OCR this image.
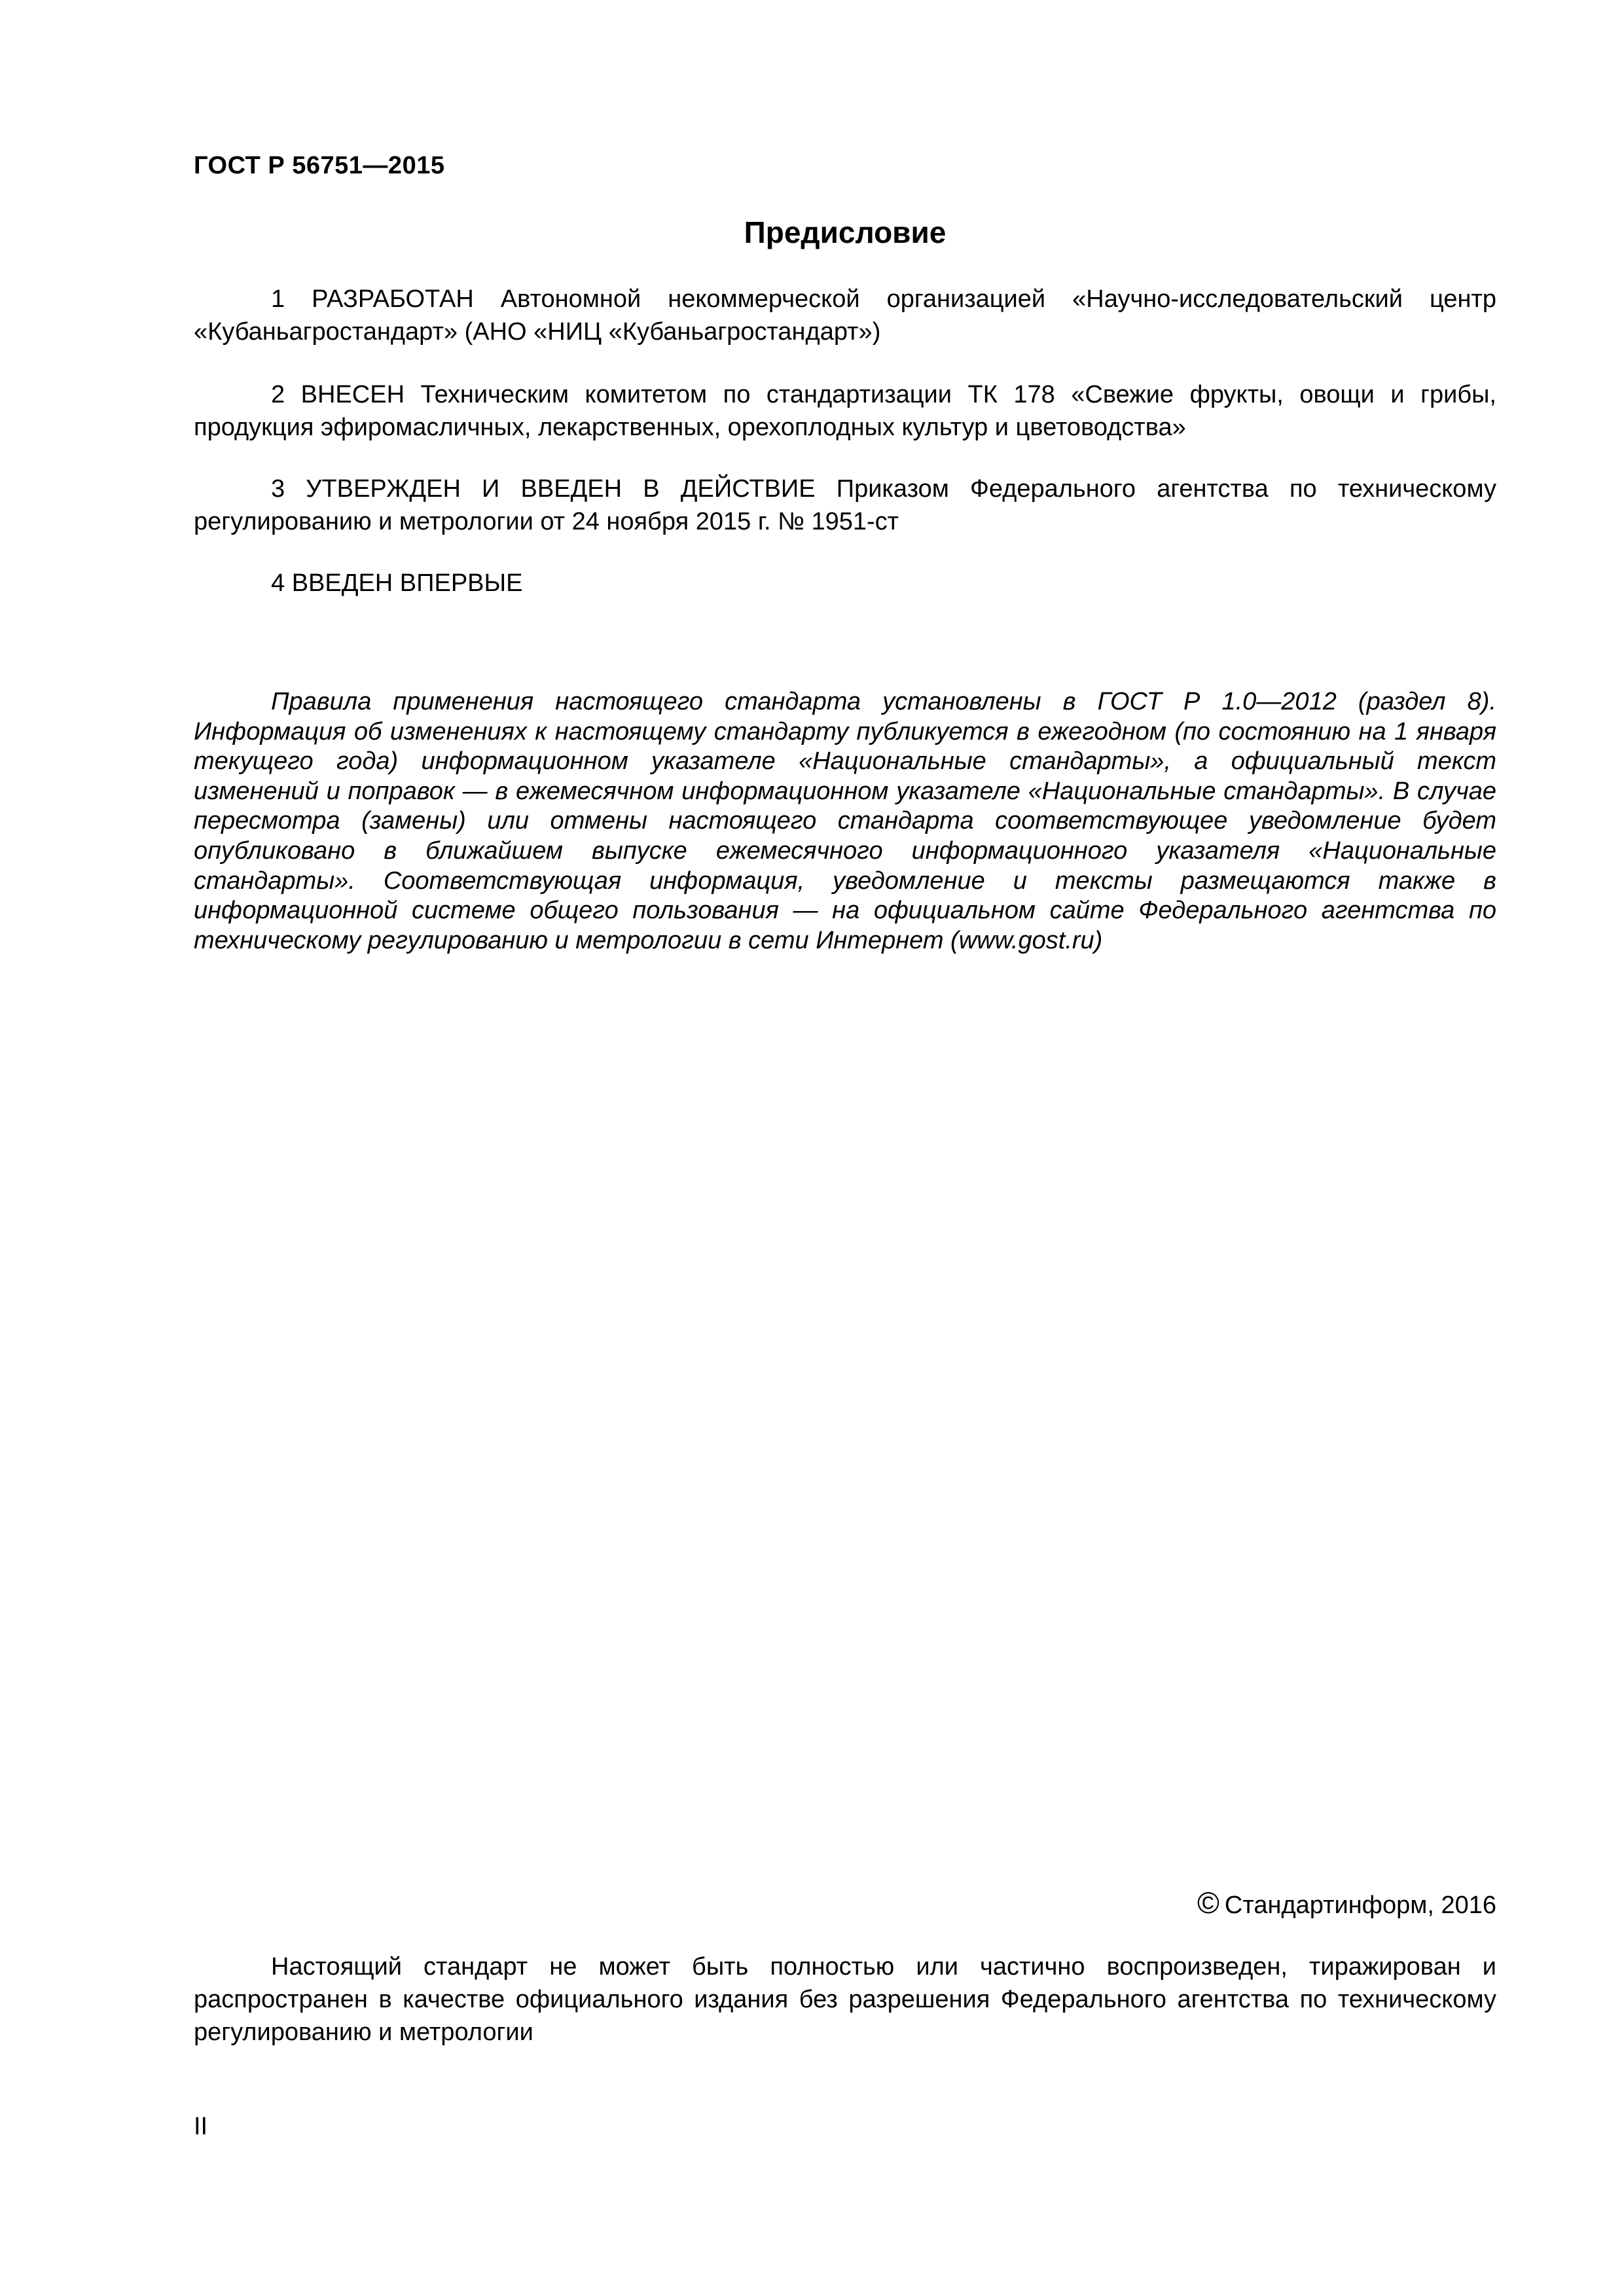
ГОСТ Р 56751—2015
Предисловие
1 РАЗРАБОТАН Автономной некоммерческой организацией «Научно-исследовательский центр «Кубаньагростандарт» (АНО «НИЦ «Кубаньагростандарт»)
2 ВНЕСЕН Техническим комитетом по стандартизации ТК 178 «Свежие фрукты, овощи и грибы, продукция эфиромасличных, лекарственных, орехоплодных культур и цветоводства»
3 УТВЕРЖДЕН И ВВЕДЕН В ДЕЙСТВИЕ Приказом Федерального агентства по техническому регулированию и метрологии от 24 ноября 2015 г. № 1951-ст
4 ВВЕДЕН ВПЕРВЫЕ
Правила применения настоящего стандарта установлены в ГОСТ Р 1.0—2012 (раздел 8). Информация об изменениях к настоящему стандарту публикуется в ежегодном (по состоянию на 1 января текущего года) информационном указателе «Национальные стандарты», а официальный текст изменений и поправок — в ежемесячном информационном указателе «Национальные стандарты». В случае пересмотра (замены) или отмены настоящего стандарта соответствующее уведомление будет опубликовано в ближайшем выпуске ежемесячного информационного указателя «Национальные стандарты». Соответствующая информация, уведомление и тексты размещаются также в информационной системе общего пользования — на официальном сайте Федерального агентства по техническому регулированию и метрологии в сети Интернет (www.gost.ru)
© Стандартинформ, 2016
Настоящий стандарт не может быть полностью или частично воспроизведен, тиражирован и распространен в качестве официального издания без разрешения Федерального агентства по техническому регулированию и метрологии
II
